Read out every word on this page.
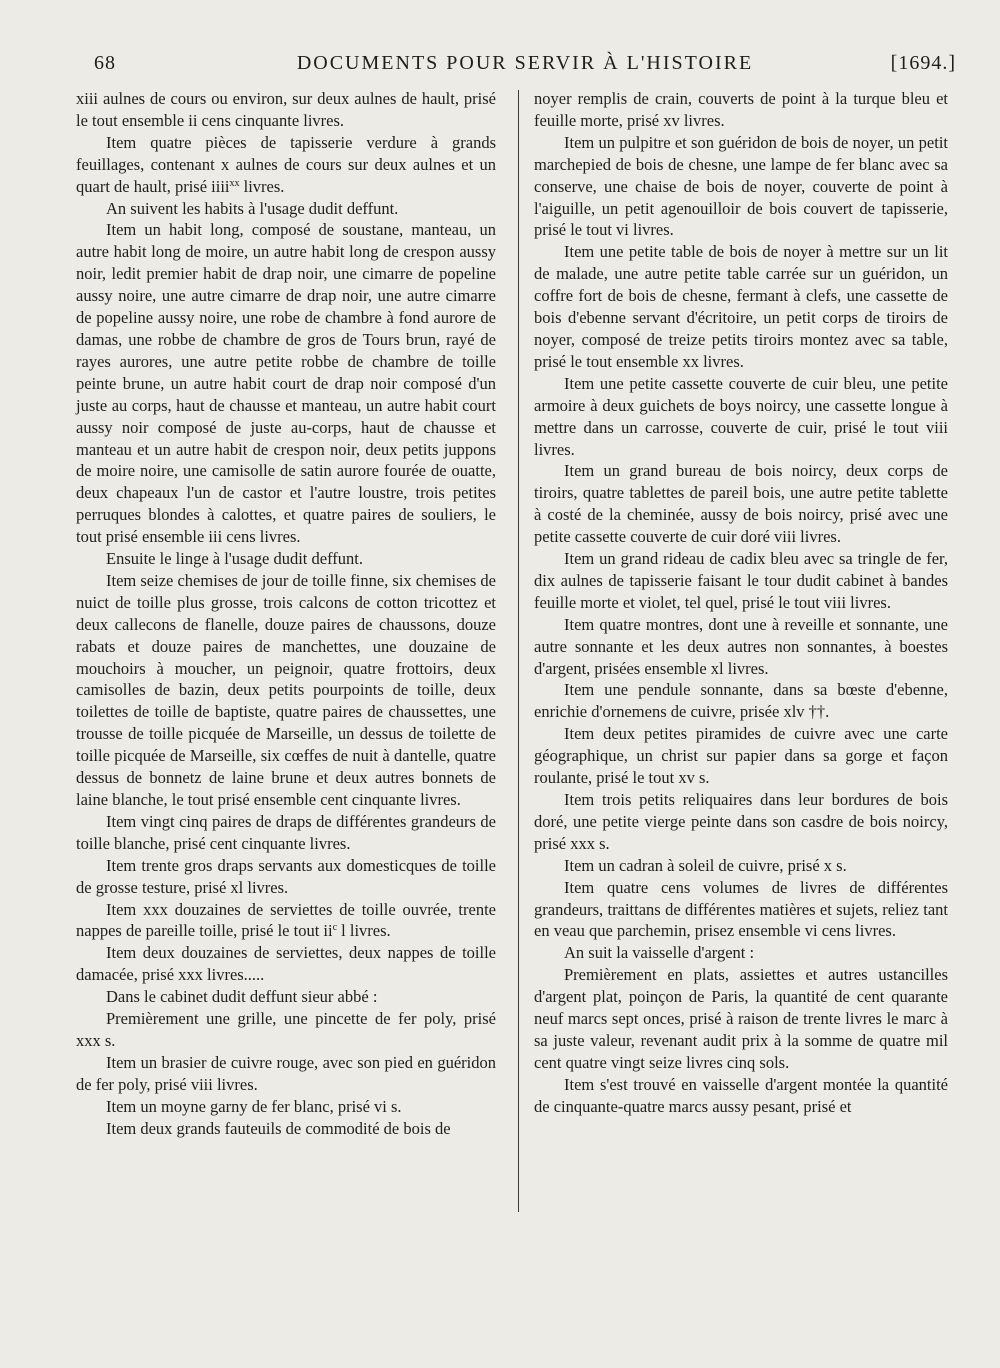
68	DOCUMENTS POUR SERVIR À L'HISTOIRE	[1694.]

xiii aulnes de cours ou environ, sur deux aulnes de hault, prisé le tout ensemble ii cens cinquante livres.

Item quatre pièces de tapisserie verdure à grands feuillages, contenant x aulnes de cours sur deux aulnes et un quart de hault, prisé iiii$^{xx}$ livres.

An suivent les habits à l'usage dudit deffunt.

Item un habit long, composé de soustane, manteau, un autre habit long de moire, un autre habit long de crespon aussy noir, ledit premier habit de drap noir, une cimarre de popeline aussy noire, une autre cimarre de drap noir, une autre cimarre de popeline aussy noire, une robe de chambre à fond aurore de damas, une robbe de chambre de gros de Tours brun, rayé de rayes aurores, une autre petite robbe de chambre de toille peinte brune, un autre habit court de drap noir composé d'un juste au corps, haut de chausse et manteau, un autre habit court aussy noir composé de juste au-corps, haut de chausse et manteau et un autre habit de crespon noir, deux petits juppons de moire noire, une camisolle de satin aurore fourée de ouatte, deux chapeaux l'un de castor et l'autre loustre, trois petites perruques blondes à calottes, et quatre paires de souliers, le tout prisé ensemble iii cens livres.

Ensuite le linge à l'usage dudit deffunt.

Item seize chemises de jour de toille finne, six chemises de nuict de toille plus grosse, trois calcons de cotton tricottez et deux callecons de flanelle, douze paires de chaussons, douze rabats et douze paires de manchettes, une douzaine de mouchoirs à moucher, un peignoir, quatre frottoirs, deux camisolles de bazin, deux petits pourpoints de toille, deux toilettes de toille de baptiste, quatre paires de chaussettes, une trousse de toille picquée de Marseille, un dessus de toilette de toille picquée de Marseille, six cœffes de nuit à dantelle, quatre dessus de bonnetz de laine brune et deux autres bonnets de laine blanche, le tout prisé ensemble cent cinquante livres.

Item vingt cinq paires de draps de différentes grandeurs de toille blanche, prisé cent cinquante livres.

Item trente gros draps servants aux domesticques de toille de grosse testure, prisé xl livres.

Item xxx douzaines de serviettes de toille ouvrée, trente nappes de pareille toille, prisé le tout $ii^c$ l livres.

Item deux douzaines de serviettes, deux nappes de toille damacée, prisé xxx livres.....

Dans le cabinet dudit deffunt sieur abbé :

Premièrement une grille, une pincette de fer poly, prisé xxx s.

Item un brasier de cuivre rouge, avec son pied en guéridon de fer poly, prisé viii livres.

Item un moyne garny de fer blanc, prisé vi s.

Item deux grands fauteuils de commodité de bois de

noyer remplis de crain, couverts de point à la turque bleu et feuille morte, prisé xv livres.

Item un pulpitre et son guéridon de bois de noyer, un petit marchepied de bois de chesne, une lampe de fer blanc avec sa conserve, une chaise de bois de noyer, couverte de point à l'aiguille, un petit agenouilloir de bois couvert de tapisserie, prisé le tout vi livres.

Item une petite table de bois de noyer à mettre sur un lit de malade, une autre petite table carrée sur un guéridon, un coffre fort de bois de chesne, fermant à clefs, une cassette de bois d'ebenne servant d'écritoire, un petit corps de tiroirs de noyer, composé de treize petits tiroirs montez avec sa table, prisé le tout ensemble xx livres.

Item une petite cassette couverte de cuir bleu, une petite armoire à deux guichets de boys noircy, une cassette longue à mettre dans un carrosse, couverte de cuir, prisé le tout viii livres.

Item un grand bureau de bois noircy, deux corps de tiroirs, quatre tablettes de pareil bois, une autre petite tablette à costé de la cheminée, aussy de bois noircy, prisé avec une petite cassette couverte de cuir doré viii livres.

Item un grand rideau de cadix bleu avec sa tringle de fer, dix aulnes de tapisserie faisant le tour dudit cabinet à bandes feuille morte et violet, tel quel, prisé le tout viii livres.

Item quatre montres, dont une à reveille et sonnante, une autre sonnante et les deux autres non sonnantes, à boestes d'argent, prisées ensemble xl livres.

Item une pendule sonnante, dans sa bœste d'ebenne, enrichie d'ornemens de cuivre, prisée xlv ††.

Item deux petites piramides de cuivre avec une carte géographique, un christ sur papier dans sa gorge et façon roulante, prisé le tout xv s.

Item trois petits reliquaires dans leur bordures de bois doré, une petite vierge peinte dans son casdre de bois noircy, prisé xxx s.

Item un cadran à soleil de cuivre, prisé x s.

Item quatre cens volumes de livres de différentes grandeurs, traittans de différentes matières et sujets, reliez tant en veau que parchemin, prisez ensemble vi cens livres.

An suit la vaisselle d'argent :

Premièrement en plats, assiettes et autres ustancilles d'argent plat, poinçon de Paris, la quantité de cent quarante neuf marcs sept onces, prisé à raison de trente livres le marc à sa juste valeur, revenant audit prix à la somme de quatre mil cent quatre vingt seize livres cinq sols.

Item s'est trouvé en vaisselle d'argent montée la quantité de cinquante-quatre marcs aussy pesant, prisé et
